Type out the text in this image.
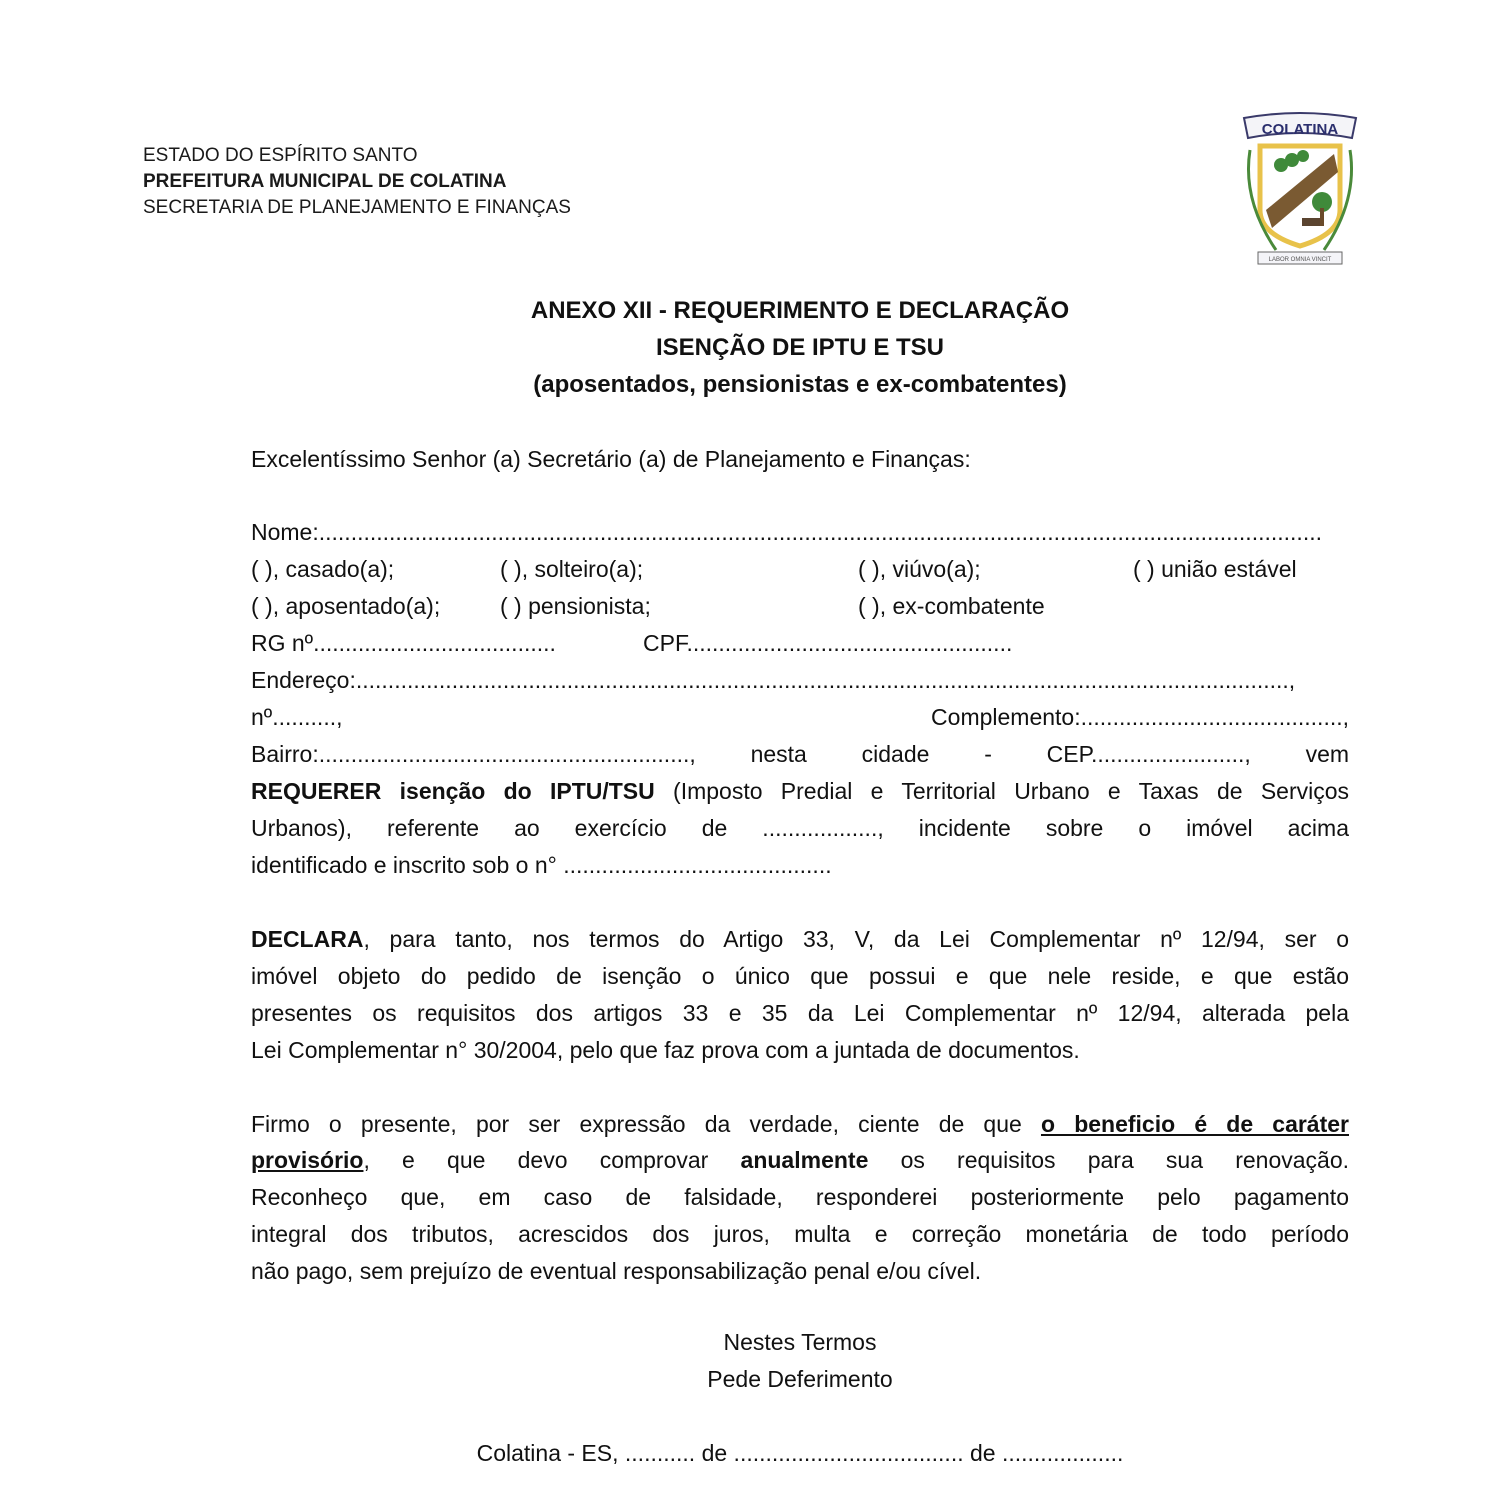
ESTADO DO ESPÍRITO SANTO
PREFEITURA MUNICIPAL DE COLATINA
SECRETARIA DE PLANEJAMENTO E FINANÇAS
COLATINA
LABOR OMNIA VINCIT
ANEXO XII - REQUERIMENTO E DECLARAÇÃO
ISENÇÃO DE IPTU E TSU
(aposentados, pensionistas e ex-combatentes)
Excelentíssimo Senhor (a) Secretário (a) de Planejamento e Finanças:
Nome:.............................................................................................................................................................
( ), casado(a);	( ), solteiro(a);	( ), viúvo(a);	( ) união estável
( ), aposentado(a);	( ) pensionista;	( ), ex-combatente
RG nº......................................	CPF...................................................
Endereço:..................................................................................................................................................,
nº..........,	Complemento:.........................................,
Bairro:.........................................................., nesta cidade - CEP........................, vem
REQUERER isenção do IPTU/TSU (Imposto Predial e Territorial Urbano e Taxas de Serviços
Urbanos), referente ao exercício de .................., incidente sobre o imóvel acima
identificado e inscrito sob o n° ..........................................
DECLARA, para tanto, nos termos do Artigo 33, V, da Lei Complementar nº 12/94, ser o
imóvel objeto do pedido de isenção o único que possui e que nele reside, e que estão
presentes os requisitos dos artigos 33 e 35 da Lei Complementar nº 12/94, alterada pela
Lei Complementar n° 30/2004, pelo que faz prova com a juntada de documentos.
Firmo o presente, por ser expressão da verdade, ciente de que o beneficio é de caráter
provisório, e que devo comprovar anualmente os requisitos para sua renovação.
Reconheço que, em caso de falsidade, responderei posteriormente pelo pagamento
integral dos tributos, acrescidos dos juros, multa e correção monetária de todo período
não pago, sem prejuízo de eventual responsabilização penal e/ou cível.
Nestes Termos
Pede Deferimento
Colatina - ES, ........... de .................................... de ...................
